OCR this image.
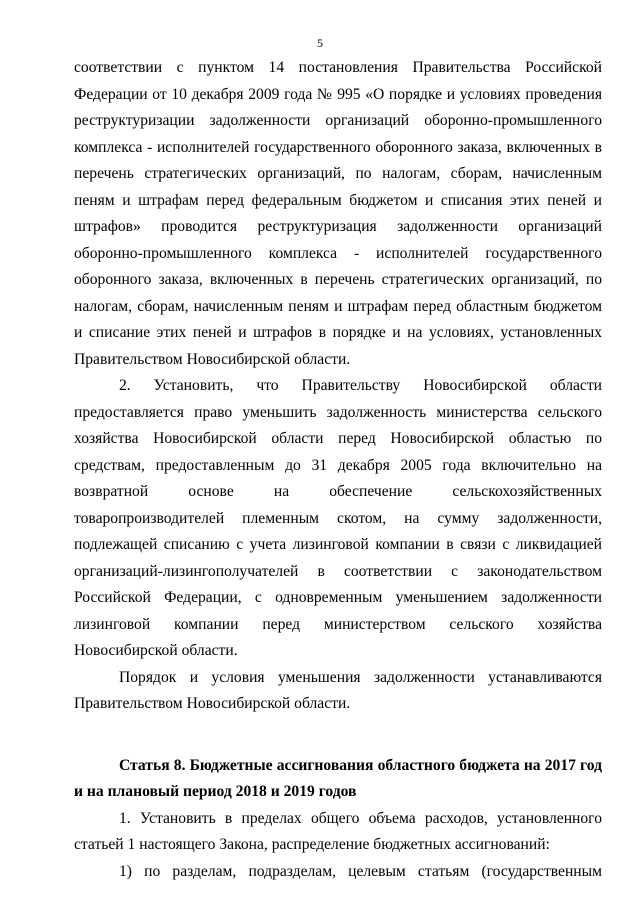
5

соответствии с пунктом 14 постановления Правительства Российской Федерации от 10 декабря 2009 года № 995 «О порядке и условиях проведения реструктуризации задолженности организаций оборонно-промышленного комплекса - исполнителей государственного оборонного заказа, включенных в перечень стратегических организаций, по налогам, сборам, начисленным пеням и штрафам перед федеральным бюджетом и списания этих пеней и штрафов» проводится реструктуризация задолженности организаций оборонно-промышленного комплекса - исполнителей государственного оборонного заказа, включенных в перечень стратегических организаций, по налогам, сборам, начисленным пеням и штрафам перед областным бюджетом и списание этих пеней и штрафов в порядке и на условиях, установленных Правительством Новосибирской области.

2. Установить, что Правительству Новосибирской области предоставляется право уменьшить задолженность министерства сельского хозяйства Новосибирской области перед Новосибирской областью по средствам, предоставленным до 31 декабря 2005 года включительно на возвратной основе на обеспечение сельскохозяйственных товаропроизводителей племенным скотом, на сумму задолженности, подлежащей списанию с учета лизинговой компании в связи с ликвидацией организаций-лизингополучателей в соответствии с законодательством Российской Федерации, с одновременным уменьшением задолженности лизинговой компании перед министерством сельского хозяйства Новосибирской области.

Порядок и условия уменьшения задолженности устанавливаются Правительством Новосибирской области.

Статья 8. Бюджетные ассигнования областного бюджета на 2017 год и на плановый период 2018 и 2019 годов

1. Установить в пределах общего объема расходов, установленного статьей 1 настоящего Закона, распределение бюджетных ассигнований:

1) по разделам, подразделам, целевым статьям (государственным
